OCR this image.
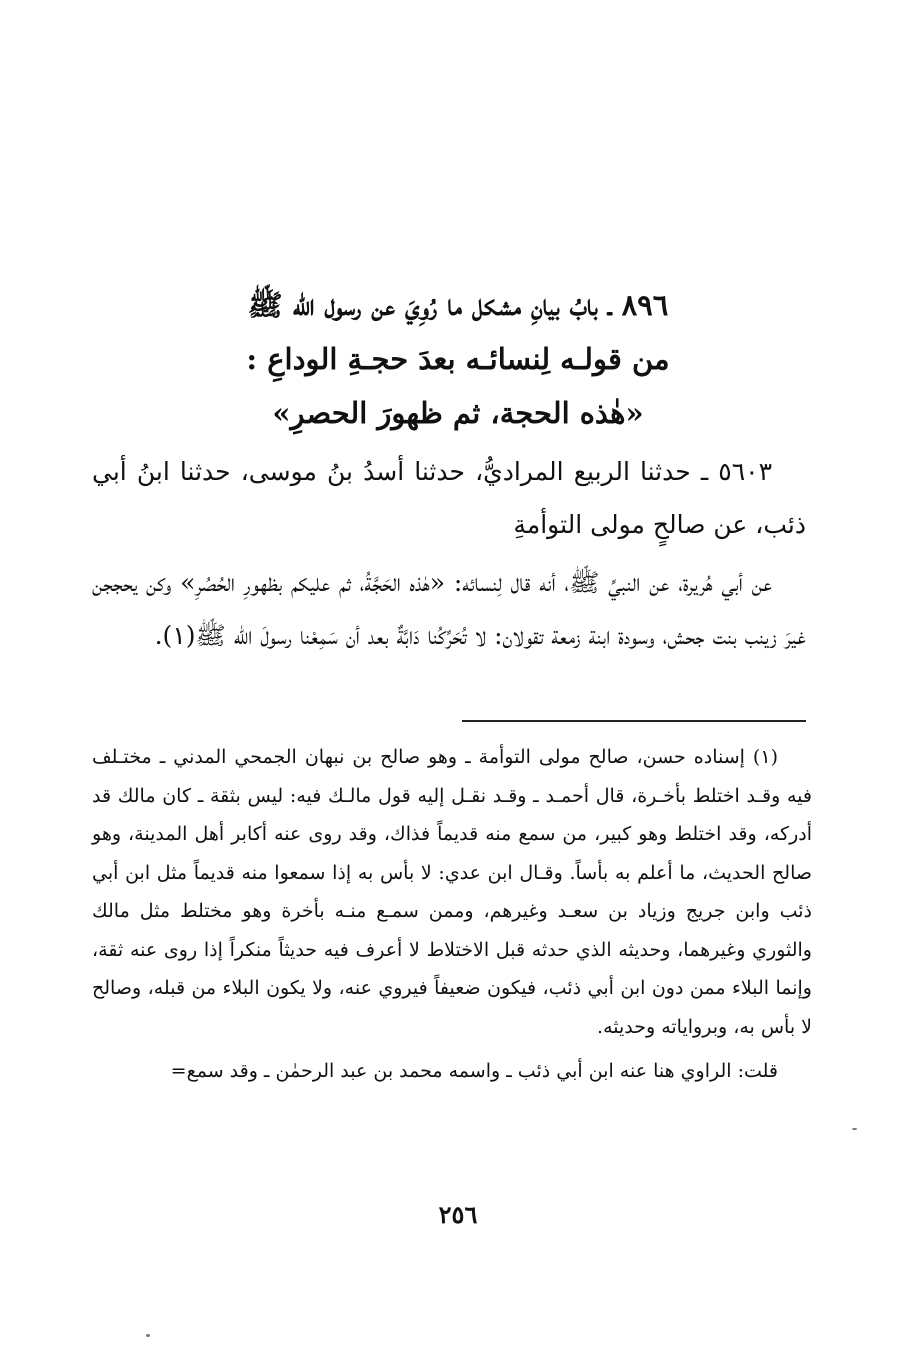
٨٩٦ ـ بابُ بيانِ مشكل ما رُوِيَ عن رسول الله ﷺ
من قولـه لِنسائـه بعدَ حجـةِ الوداعِ :
«هٰذه الحجة، ثم ظهورَ الحصرِ»

٥٦٠٣ ـ حدثنا الربيع المراديُّ، حدثنا أسدُ بنُ موسى، حدثنا ابنُ أبي ذئب، عن صالحٍ مولى التوأمةِ

عن أبي هُريرة، عن النبيِّ ﷺ، أنه قال لِنسائه: «هٰذه الحَجَّةُ، ثم عليكم بظهورِ الحُصُرِ» وكن يحججن غيرَ زينب بنت جحش، وسودة ابنة زمعة تقولان: لا تُحَرِّكُنا دَابَّةٌ بعد أن سَمِعْنا رسولَ الله ﷺ(١).

(١) إسناده حسن، صالح مولى التوأمة ـ وهو صالح بن نبهان الجمحي المدني ـ مختـلف فيه وقـد اختلط بأخـرة، قال أحمـد ـ وقـد نقـل إليه قول مالـك فيه: ليس بثقة ـ كان مالك قد أدركه، وقد اختلط وهو كبير، من سمع منه قديماً فذاك، وقد روى عنه أكابر أهل المدينة، وهو صالح الحديث، ما أعلم به بأساً. وقـال ابن عدي: لا بأس به إذا سمعوا منه قديماً مثل ابن أبي ذئب وابن جريج وزياد بن سعـد وغيرهم، وممن سمـع منـه بأخرة وهو مختلط مثل مالك والثوري وغيرهما، وحديثه الذي حدثه قبل الاختلاط لا أعرف فيه حديثاً منكراً إذا روى عنه ثقة، وإنما البلاء ممن دون ابن أبي ذئب، فيكون ضعيفاً فيروي عنه، ولا يكون البلاء من قبله، وصالح لا بأس به، وبرواياته وحديثه.

قلت: الراوي هنا عنه ابن أبي ذئب ـ واسمه محمد بن عبد الرحمٰن ـ وقد سمع=

٢٥٦
